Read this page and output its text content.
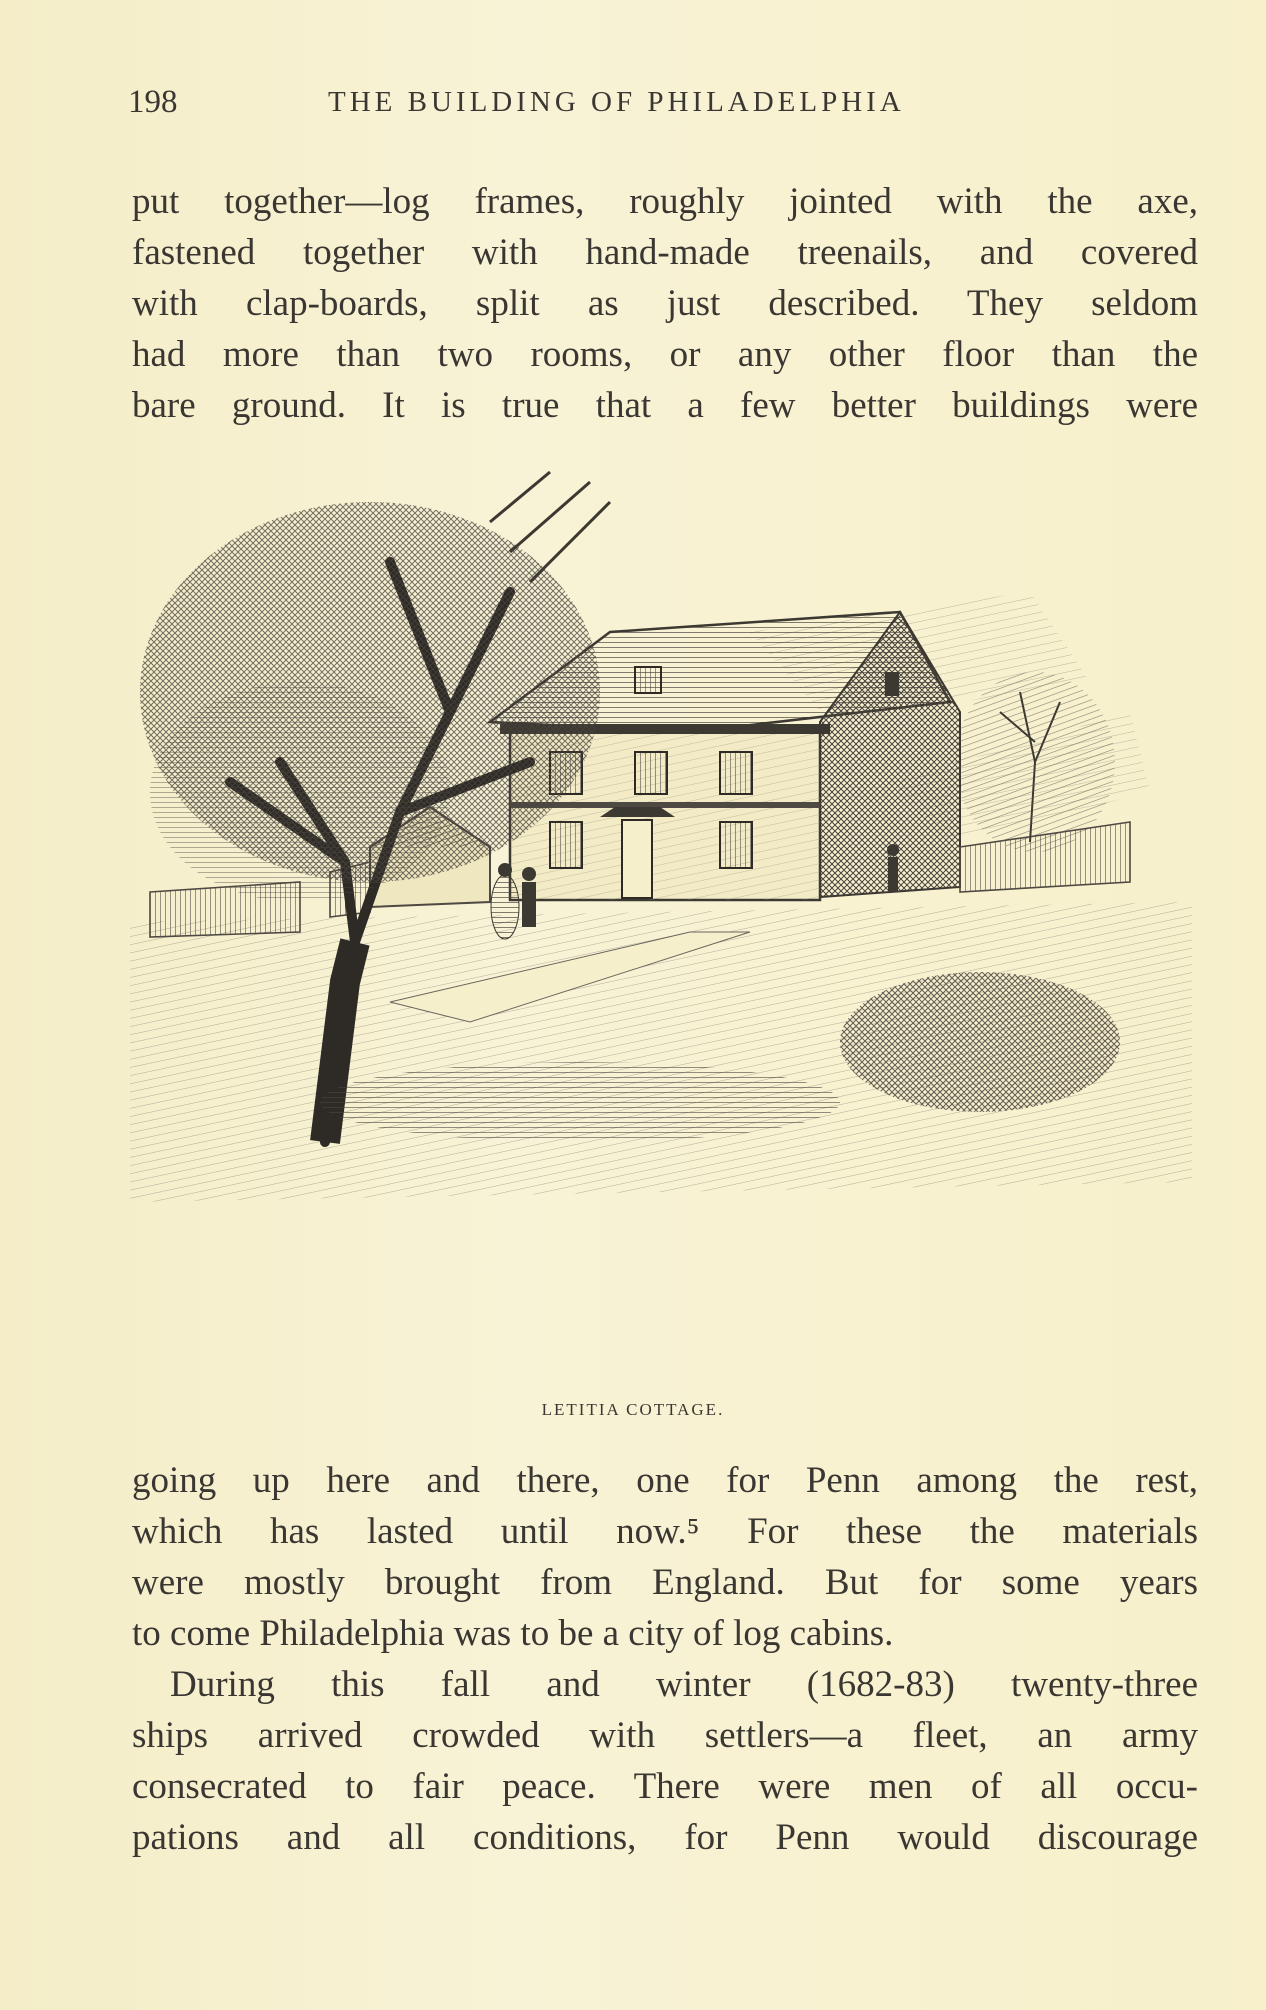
198	THE BUILDING OF PHILADELPHIA
put together—log frames, roughly jointed with the axe,
fastened together with hand-made treenails, and covered
with clap-boards, split as just described. They seldom
had more than two rooms, or any other floor than the
bare ground. It is true that a few better buildings were
LETITIA COTTAGE.
going up here and there, one for Penn among the rest,
which has lasted until now.⁵ For these the materials
were mostly brought from England. But for some years
to come Philadelphia was to be a city of log cabins.
During this fall and winter (1682-83) twenty-three
ships arrived crowded with settlers—a fleet, an army
consecrated to fair peace. There were men of all occu-
pations and all conditions, for Penn would discourage
